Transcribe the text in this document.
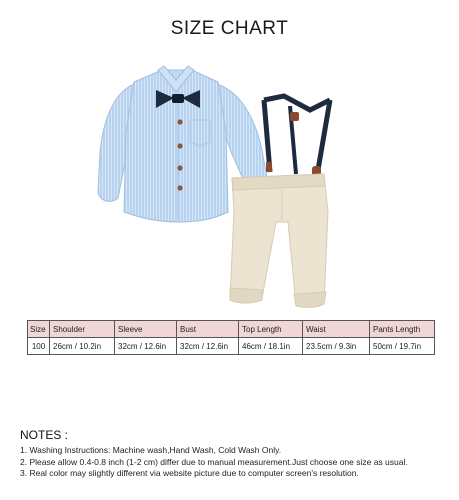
SIZE CHART
Size	Shoulder	Sleeve	Bust	Top Length	Waist	Pants Length
100	26cm / 10.2in	32cm / 12.6in	32cm / 12.6in	46cm / 18.1in	23.5cm / 9.3in	50cm / 19.7in
NOTES :
1. Washing Instructions: Machine wash,Hand Wash, Cold Wash Only.
2. Please allow 0.4-0.8 inch (1-2 cm) differ due to manual measurement.Just choose one size as usual.
3. Real color may slightly different via website picture due to computer screen's resolution.
